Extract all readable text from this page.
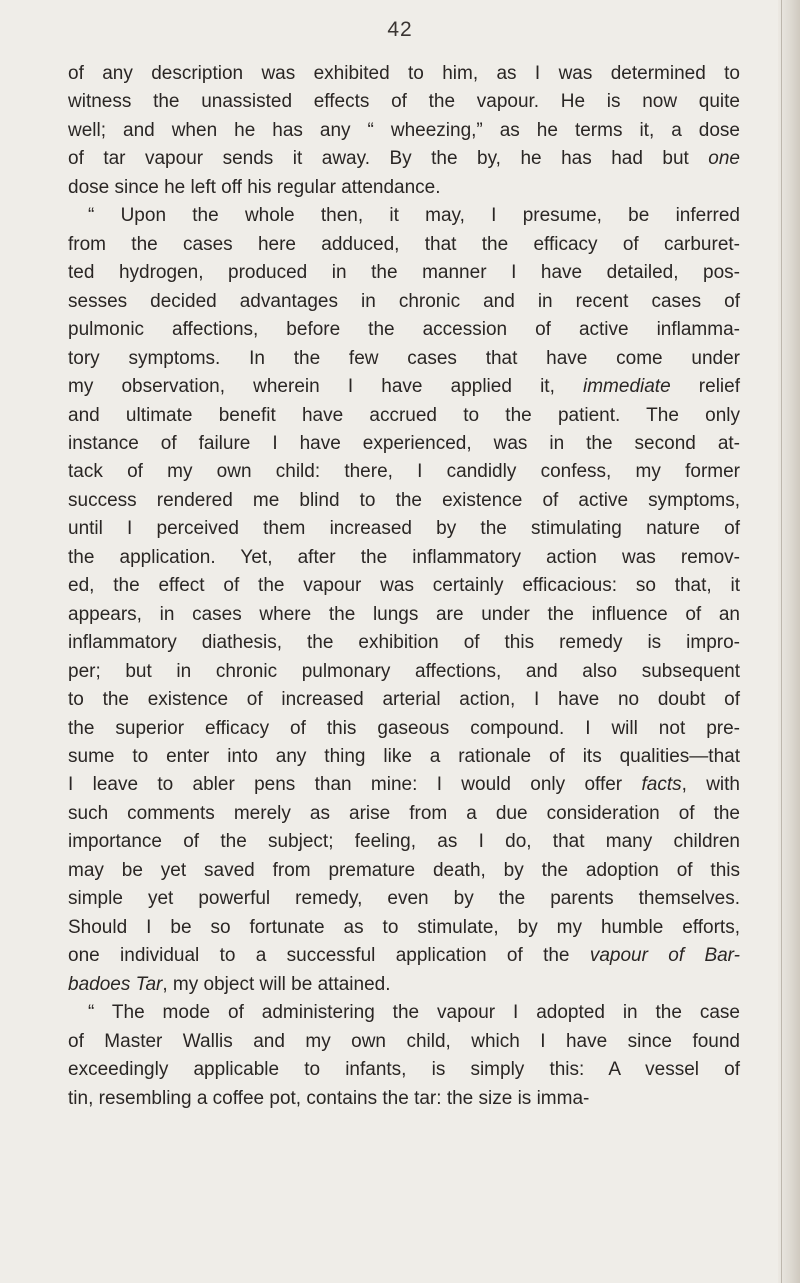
42
of any description was exhibited to him, as I was determined to
witness the unassisted effects of the vapour. He is now quite
well; and when he has any “ wheezing,” as he terms it, a dose
of tar vapour sends it away. By the by, he has had but one
dose since he left off his regular attendance.
“ Upon the whole then, it may, I presume, be inferred
from the cases here adduced, that the efficacy of carburet-
ted hydrogen, produced in the manner I have detailed, pos-
sesses decided advantages in chronic and in recent cases of
pulmonic affections, before the accession of active inflamma-
tory symptoms. In the few cases that have come under
my observation, wherein I have applied it, immediate relief
and ultimate benefit have accrued to the patient. The only
instance of failure I have experienced, was in the second at-
tack of my own child: there, I candidly confess, my former
success rendered me blind to the existence of active symptoms,
until I perceived them increased by the stimulating nature of
the application. Yet, after the inflammatory action was remov-
ed, the effect of the vapour was certainly efficacious: so that, it
appears, in cases where the lungs are under the influence of an
inflammatory diathesis, the exhibition of this remedy is impro-
per; but in chronic pulmonary affections, and also subsequent
to the existence of increased arterial action, I have no doubt of
the superior efficacy of this gaseous compound. I will not pre-
sume to enter into any thing like a rationale of its qualities—that
I leave to abler pens than mine: I would only offer facts, with
such comments merely as arise from a due consideration of the
importance of the subject; feeling, as I do, that many children
may be yet saved from premature death, by the adoption of this
simple yet powerful remedy, even by the parents themselves.
Should I be so fortunate as to stimulate, by my humble efforts,
one individual to a successful application of the vapour of Bar-
badoes Tar, my object will be attained.
“ The mode of administering the vapour I adopted in the case
of Master Wallis and my own child, which I have since found
exceedingly applicable to infants, is simply this: A vessel of
tin, resembling a coffee pot, contains the tar: the size is imma-
